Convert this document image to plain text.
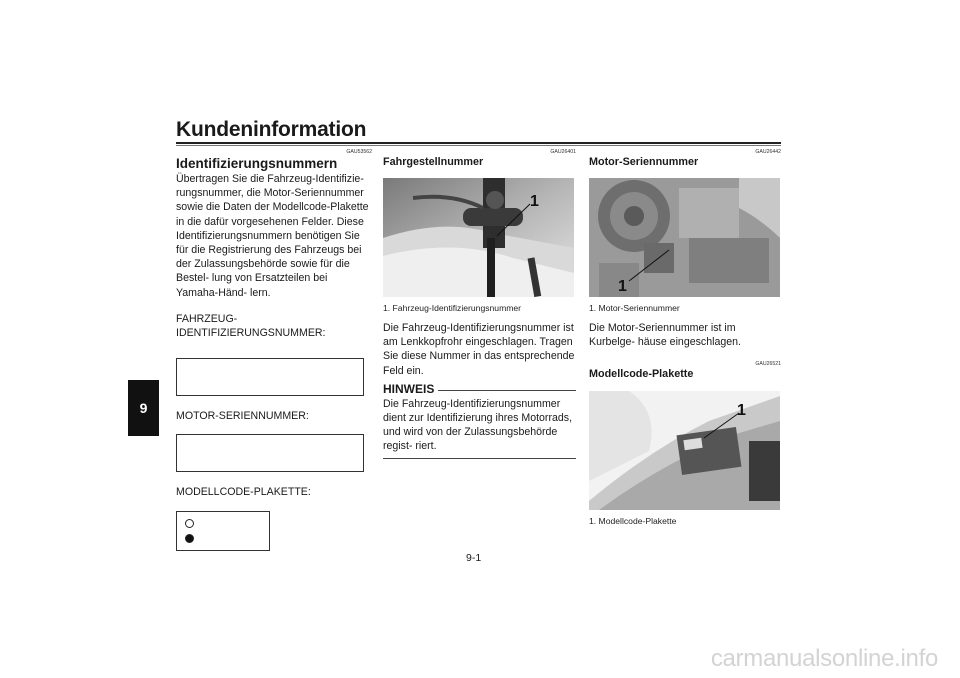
Kundeninformation
9
GAU53562
Identifizierungsnummern

Übertragen Sie die Fahrzeug-Identifizie- rungsnummer, die Motor-Seriennummer sowie die Daten der Modellcode-Plakette in die dafür vorgesehenen Felder. Diese Identifizierungsnummern benötigen Sie für die Registrierung des Fahrzeugs bei der Zulassungsbehörde sowie für die Bestel- lung von Ersatzteilen bei Yamaha-Händ- lern.

FAHRZEUG-IDENTIFIZIERUNGSNUMMER:

MOTOR-SERIENNUMMER:

MODELLCODE-PLAKETTE:

GAU26401
Fahrgestellnummer
1
1. Fahrzeug-Identifizierungsnummer

Die Fahrzeug-Identifizierungsnummer ist am Lenkkopfrohr eingeschlagen. Tragen Sie diese Nummer in das entsprechende Feld ein.

HINWEIS

Die Fahrzeug-Identifizierungsnummer dient zur Identifizierung ihres Motorrads, und wird von der Zulassungsbehörde regist- riert.

GAU26442
Motor-Seriennummer
1
1. Motor-Seriennummer

Die Motor-Seriennummer ist im Kurbelge- häuse eingeschlagen.

GAU26521
Modellcode-Plakette
1
1. Modellcode-Plakette
9-1
carmanualsonline.info
